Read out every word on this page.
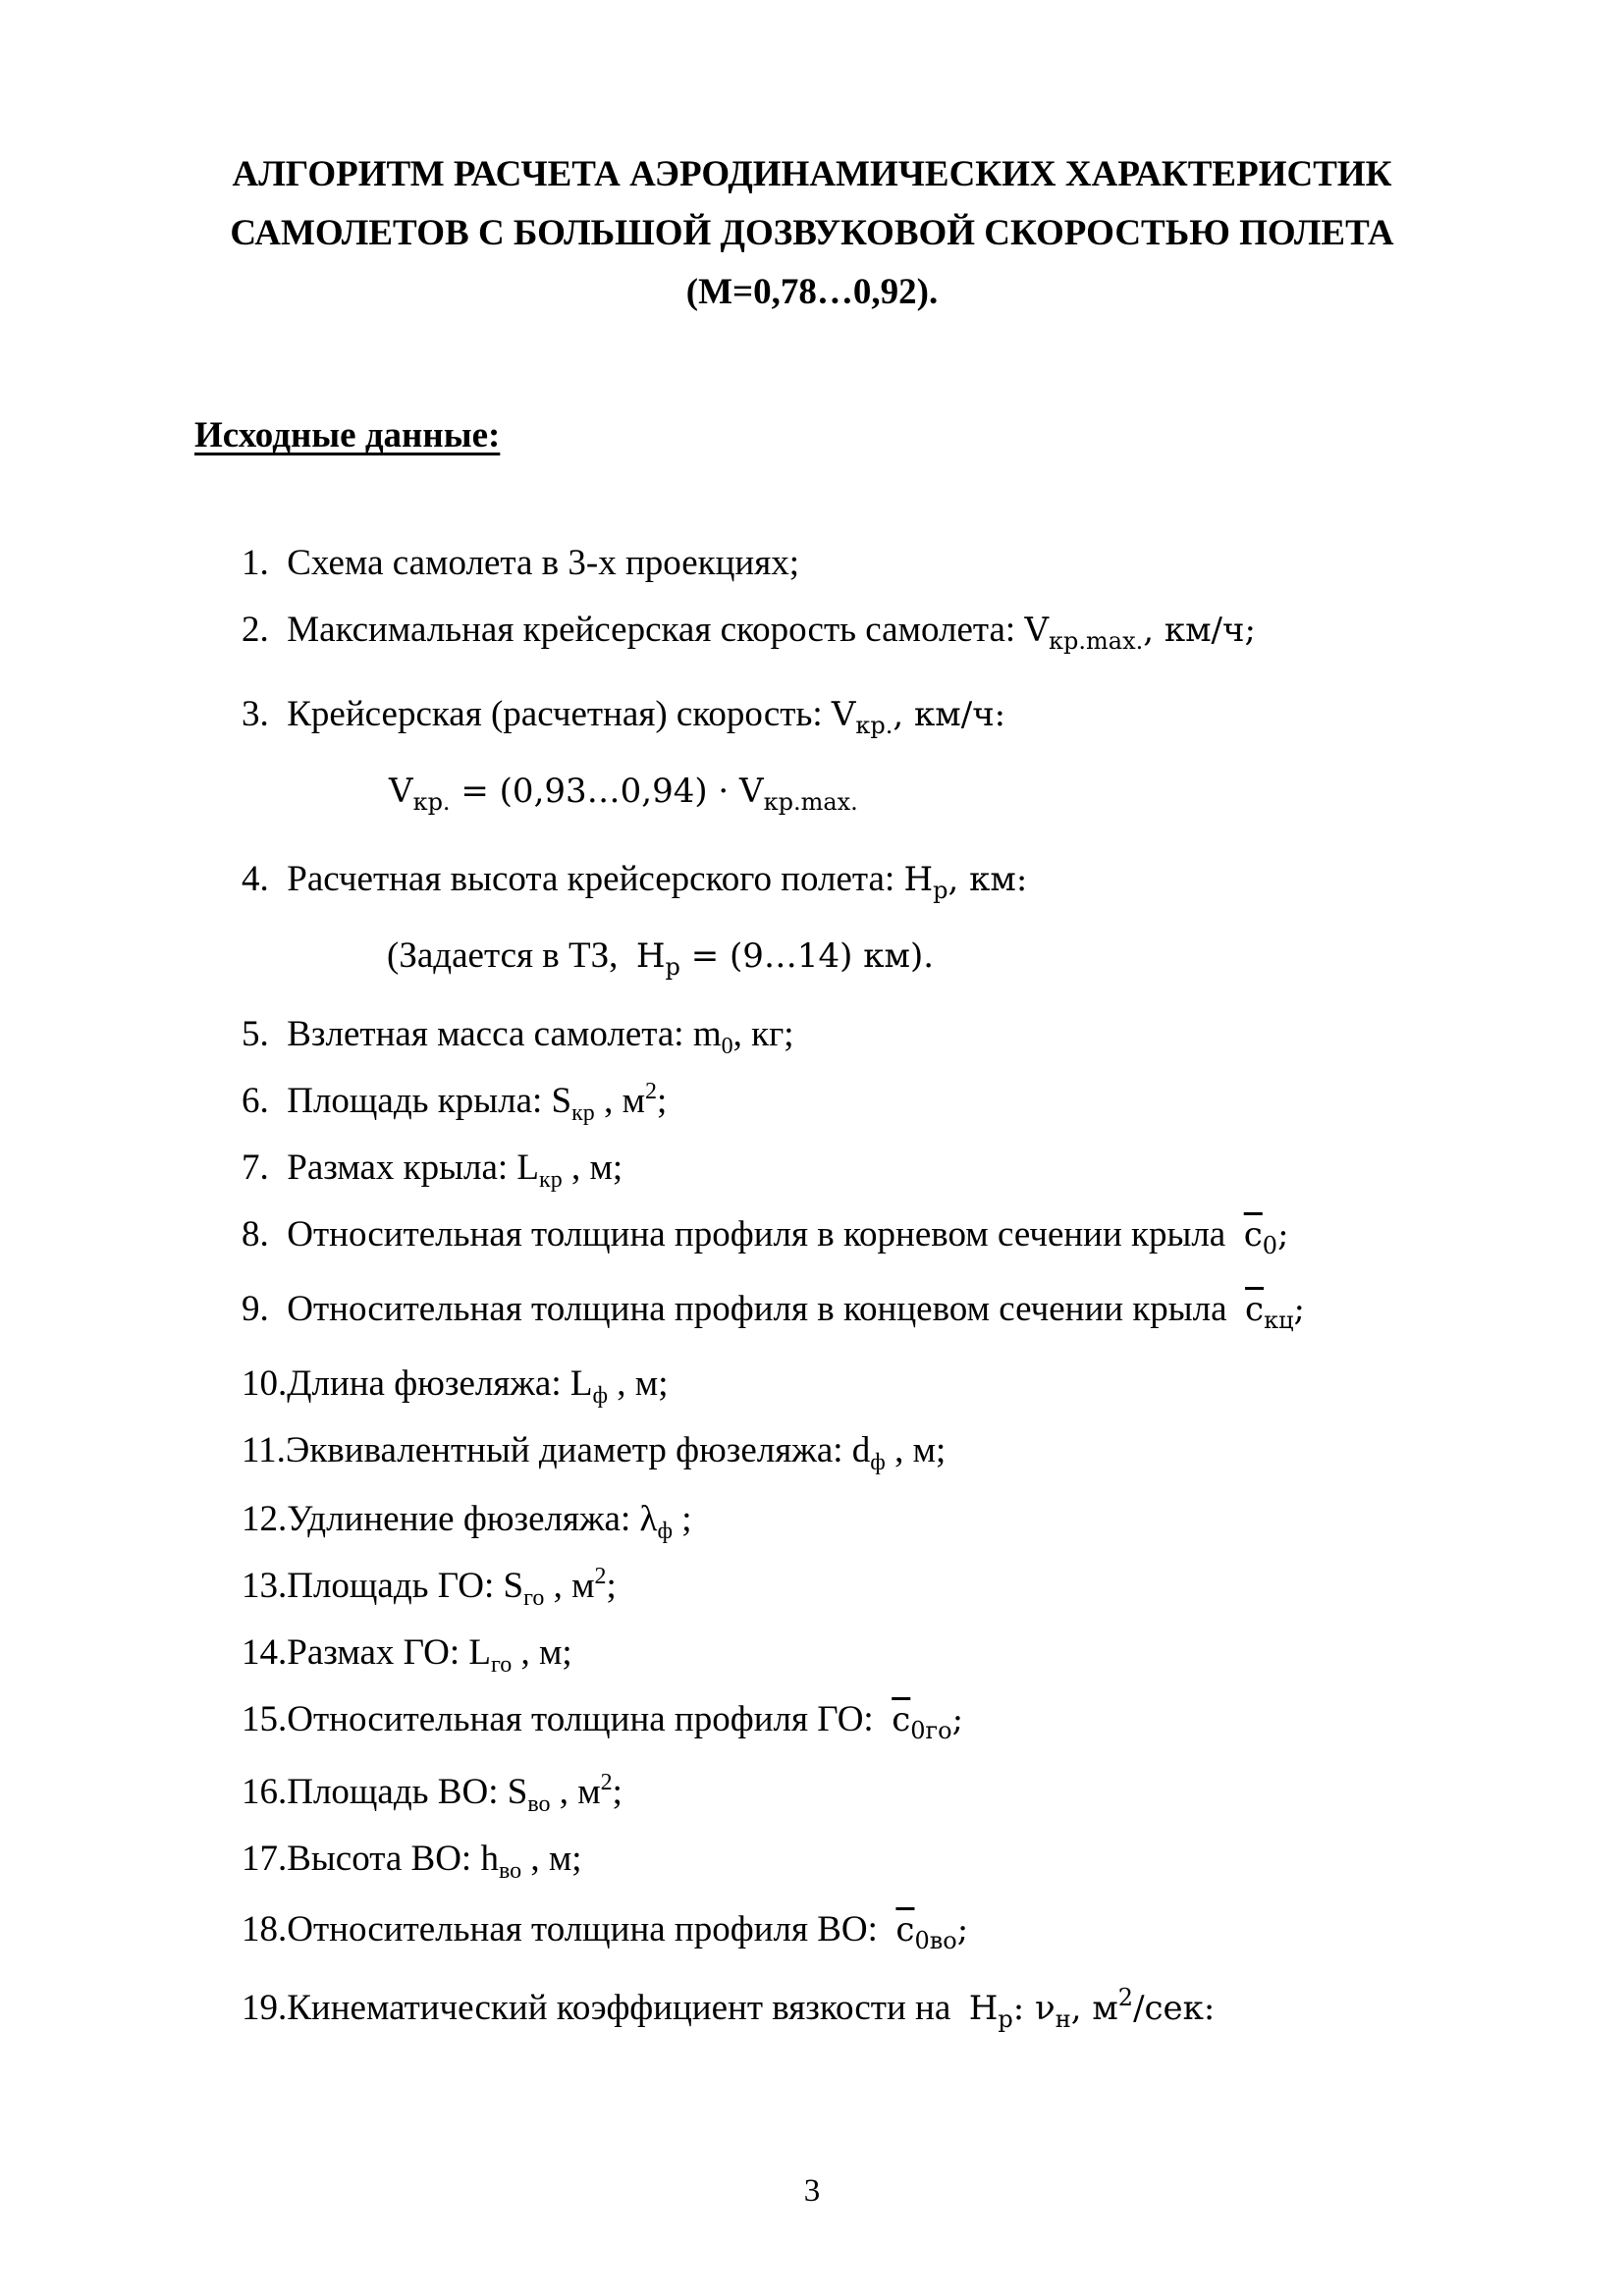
АЛГОРИТМ РАСЧЕТА АЭРОДИНАМИЧЕСКИХ ХАРАКТЕРИСТИК
САМОЛЕТОВ С БОЛЬШОЙ ДОЗВУКОВОЙ СКОРОСТЬЮ ПОЛЕТА
(М=0,78…0,92).
Исходные данные:
1. Схема самолета в 3-х проекциях;
2. Максимальная крейсерская скорость самолета: $V_{кр.max.}$, км/ч;
3. Крейсерская (расчетная) скорость: $V_{кр.}$, км/ч:
$V_{кр.}$ = (0,93…0,94) · $V_{кр.max.}$
4. Расчетная высота крейсерского полета: $H_р$, км:
(Задается в ТЗ, $H_р$ = (9…14) км).
5. Взлетная масса самолета: $m_0$, кг;
6. Площадь крыла: $S_{кр}$ , $м^2$;
7. Размах крыла: $L_{кр}$ , м;
8. Относительная толщина профиля в корневом сечении крыла $\overline{c}_0$;
9. Относительная толщина профиля в концевом сечении крыла $\overline{c}_{кц}$;
10.Длина фюзеляжа: $L_ф$ , м;
11.Эквивалентный диаметр фюзеляжа: $d_ф$ , м;
12.Удлинение фюзеляжа: $\lambda_ф$ ;
13.Площадь ГО: $S_{го}$ , $м^2$;
14.Размах ГО: $L_{го}$ , м;
15.Относительная толщина профиля ГО: $\overline{c}_{0го}$;
16.Площадь ВО: $S_{во}$ , $м^2$;
17.Высота ВО: $h_{во}$ , м;
18.Относительная толщина профиля ВО: $\overline{c}_{0во}$;
19.Кинематический коэффициент вязкости на $H_р$: $\nu_н$, $м^2$/сек:
3
